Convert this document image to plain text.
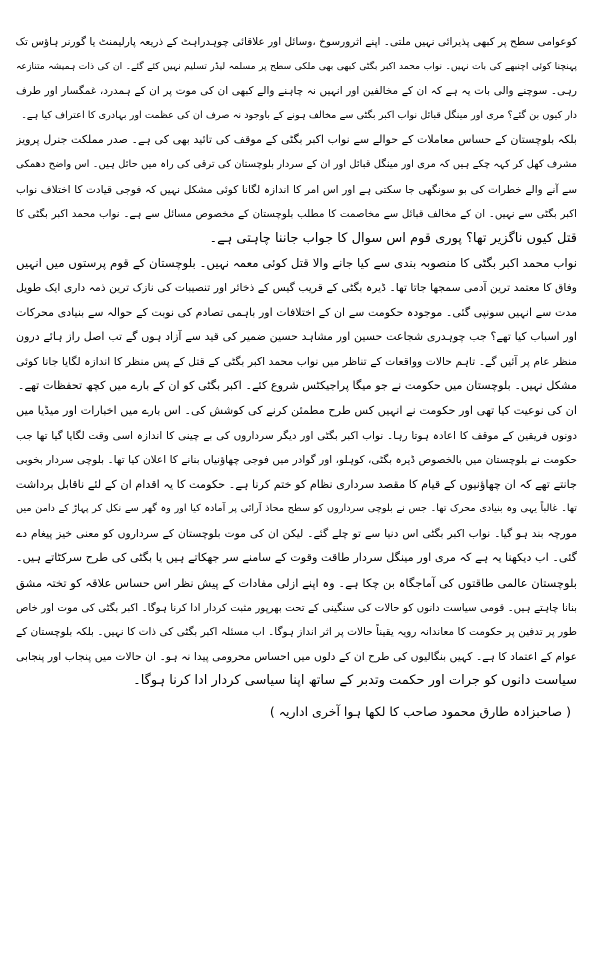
کوعوامی سطح پر کبھی پذیرائی نہیں ملتی۔ اپنے اثرورسوخ ،وسائل اور علاقائی چوہدراہٹ کے ذریعہ پارلیمنٹ یا گورنر ہاؤس تک
پہنچنا کوئی اچنبھے کی بات نہیں۔ نواب محمد اکبر بگٹی کبھی بھی ملکی سطح پر مسلمہ لیڈر تسلیم نہیں کئے گئے۔ ان کی ذات ہمیشہ متنازعہ
رہی۔ سوچنے والی بات یہ ہے کہ ان کے مخالفین اور انہیں نہ چاہنے والے کبھی ان کی موت پر ان کے ہمدرد، غمگسار اور طرف
دار کیوں بن گئے؟ مری اور مینگل قبائل نواب اکبر بگٹی سے مخالف ہونے کے باوجود نہ صرف ان کی عظمت اور بہادری کا اعتراف کیا ہے۔
بلکہ بلوچستان کے حساس معاملات کے حوالے سے نواب اکبر بگٹی کے موقف کی تائید بھی کی ہے۔ صدر مملکت جنرل پرویز
مشرف کھل کر کہہ چکے ہیں کہ مری اور مینگل قبائل اور ان کے سردار بلوچستان کی ترقی کی راہ میں حائل ہیں۔ اس واضح دھمکی
سے آنے والے خطرات کی بو سونگھی جا سکتی ہے اور اس امر کا اندازہ لگانا کوئی مشکل نہیں کہ فوجی قیادت کا اختلاف نواب
اکبر بگٹی سے نہیں۔ ان کے مخالف قبائل سے مخاصمت کا مطلب بلوچستان کے مخصوص مسائل سے ہے۔ نواب محمد اکبر بگٹی کا
قتل کیوں ناگزیر تھا؟ پوری قوم اس سوال کا جواب جاننا چاہتی ہے۔
نواب محمد اکبر بگٹی کا منصوبہ بندی سے کیا جانے والا قتل کوئی معمہ نہیں۔ بلوچستان کے قوم پرستوں میں انہیں
وفاق کا معتمد ترین آدمی سمجھا جاتا تھا۔ ڈیرہ بگٹی کے قریب گیس کے ذخائر اور تنصیبات کی نازک ترین ذمہ داری ایک طویل
مدت سے انہیں سونپی گئی۔ موجودہ حکومت سے ان کے اختلافات اور باہمی تصادم کی نوبت کے حوالہ سے بنیادی محرکات
اور اسباب کیا تھے؟ جب چوہدری شجاعت حسین اور مشاہد حسین ضمیر کی قید سے آزاد ہوں گے تب اصل راز ہائے درون
منظر عام پر آئیں گے۔ تاہم حالات وواقعات کے تناظر میں نواب محمد اکبر بگٹی کے قتل کے پس منظر کا اندازہ لگایا جانا کوئی
مشکل نہیں۔ بلوچستان میں حکومت نے جو میگا پراجیکٹس شروع کئے۔ اکبر بگٹی کو ان کے بارے میں کچھ تحفظات تھے۔
ان کی نوعیت کیا تھی اور حکومت نے انہیں کس طرح مطمئن کرنے کی کوشش کی۔ اس بارے میں اخبارات اور میڈیا میں
دونوں فریقین کے موقف کا اعادہ ہوتا رہا۔ نواب اکبر بگٹی اور دیگر سرداروں کی بے چینی کا اندازہ اسی وقت لگایا گیا تھا جب
حکومت نے بلوچستان میں بالخصوص ڈیرہ بگٹی، کوہلو، اور گوادر میں فوجی چھاؤنیاں بنانے کا اعلان کیا تھا۔ بلوچی سردار بخوبی
جانتے تھے کہ ان چھاؤنیوں کے قیام کا مقصد سرداری نظام کو ختم کرنا ہے۔ حکومت کا یہ اقدام ان کے لئے ناقابل برداشت
تھا۔ غالباً یہی وہ بنیادی محرک تھا۔ جس نے بلوچی سرداروں کو سطح محاذ آرائی پر آمادہ کیا اور وہ گھر سے نکل کر پہاڑ کے دامن میں
مورچہ بند ہو گیا۔ نواب اکبر بگٹی اس دنیا سے تو چلے گئے۔ لیکن ان کی موت بلوچستان کے سرداروں کو معنی خیز پیغام دے
گئی۔ اب دیکھنا یہ ہے کہ مری اور مینگل سردار طاقت وقوت کے سامنے سر جھکاتے ہیں یا بگٹی کی طرح سرکٹاتے ہیں۔
بلوچستان عالمی طاقتوں کی آماجگاہ بن چکا ہے۔ وہ اپنے ازلی مفادات کے پیش نظر اس حساس علاقہ کو تختہ مشق
بنانا چاہتے ہیں۔ قومی سیاست دانوں کو حالات کی سنگینی کے تحت بھرپور مثبت کردار ادا کرنا ہوگا۔ اکبر بگٹی کی موت اور خاص
طور پر تدفین پر حکومت کا معاندانہ رویہ یقیناً حالات پر اثر انداز ہوگا۔ اب مسئلہ اکبر بگٹی کی ذات کا نہیں۔ بلکہ بلوچستان کے
عوام کے اعتماد کا ہے۔ کہیں بنگالیوں کی طرح ان کے دلوں میں احساس محرومی پیدا نہ ہو۔ ان حالات میں پنجاب اور پنجابی
سیاست دانوں کو جرات اور حکمت وتدبر کے ساتھ اپنا سیاسی کردار ادا کرنا ہوگا۔
( صاحبزادہ طارق محمود صاحب کا لکھا ہوا آخری اداریہ )
